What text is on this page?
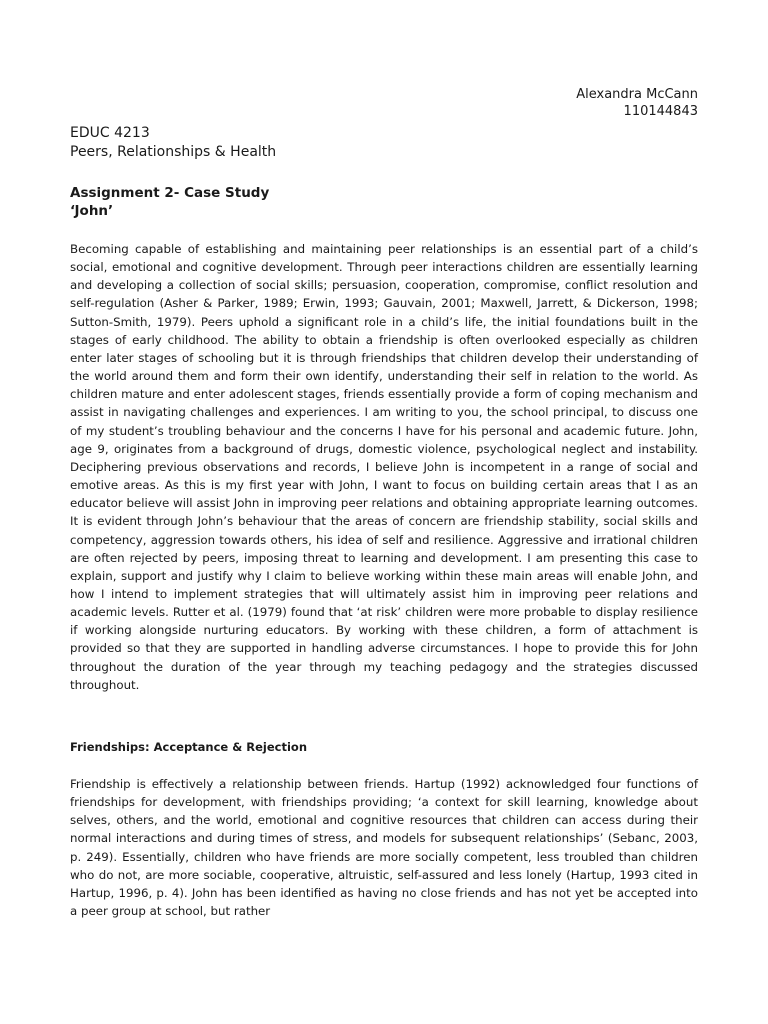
Alexandra McCann
110144843
EDUC 4213
Peers, Relationships & Health
Assignment 2- Case Study
‘John’

Becoming capable of establishing and maintaining peer relationships is an essential part of a child’s social, emotional and cognitive development. Through peer interactions children are essentially learning and developing a collection of social skills; persuasion, cooperation, compromise, conflict resolution and self-regulation (Asher & Parker, 1989; Erwin, 1993; Gauvain, 2001; Maxwell, Jarrett, & Dickerson, 1998; Sutton-Smith, 1979). Peers uphold a significant role in a child’s life, the initial foundations built in the stages of early childhood. The ability to obtain a friendship is often overlooked especially as children enter later stages of schooling but it is through friendships that children develop their understanding of the world around them and form their own identify, understanding their self in relation to the world. As children mature and enter adolescent stages, friends essentially provide a form of coping mechanism and assist in navigating challenges and experiences. I am writing to you, the school principal, to discuss one of my student’s troubling behaviour and the concerns I have for his personal and academic future. John, age 9, originates from a background of drugs, domestic violence, psychological neglect and instability. Deciphering previous observations and records, I believe John is incompetent in a range of social and emotive areas. As this is my first year with John, I want to focus on building certain areas that I as an educator believe will assist John in improving peer relations and obtaining appropriate learning outcomes. It is evident through John’s behaviour that the areas of concern are friendship stability, social skills and competency, aggression towards others, his idea of self and resilience. Aggressive and irrational children are often rejected by peers, imposing threat to learning and development. I am presenting this case to explain, support and justify why I claim to believe working within these main areas will enable John, and how I intend to implement strategies that will ultimately assist him in improving peer relations and academic levels. Rutter et al. (1979) found that ‘at risk’ children were more probable to display resilience if working alongside nurturing educators. By working with these children, a form of attachment is provided so that they are supported in handling adverse circumstances. I hope to provide this for John throughout the duration of the year through my teaching pedagogy and the strategies discussed throughout.

Friendships: Acceptance & Rejection

Friendship is effectively a relationship between friends. Hartup (1992) acknowledged four functions of friendships for development, with friendships providing; ‘a context for skill learning, knowledge about selves, others, and the world, emotional and cognitive resources that children can access during their normal interactions and during times of stress, and models for subsequent relationships’ (Sebanc, 2003, p. 249). Essentially, children who have friends are more socially competent, less troubled than children who do not, are more sociable, cooperative, altruistic, self-assured and less lonely (Hartup, 1993 cited in Hartup, 1996, p. 4). John has been identified as having no close friends and has not yet be accepted into a peer group at school, but rather
